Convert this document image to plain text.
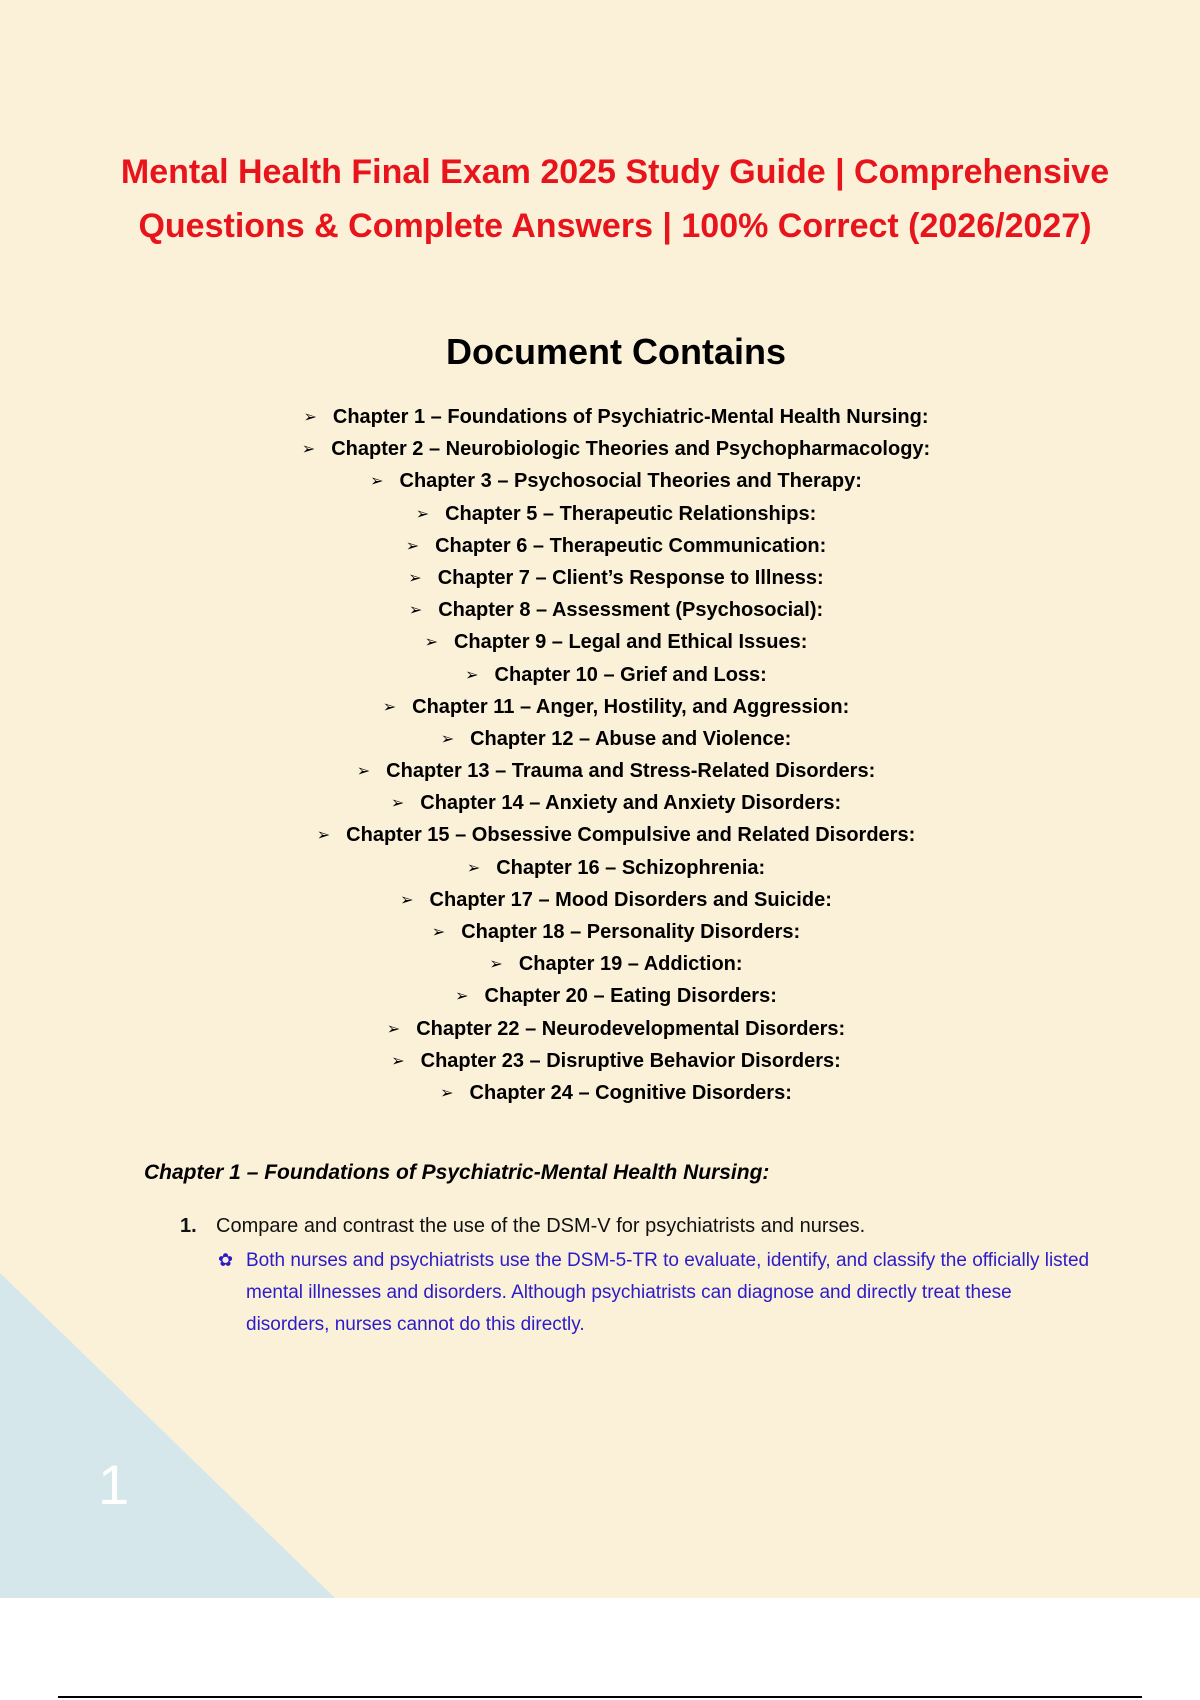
1
Mental Health Final Exam 2025 Study Guide | Comprehensive Questions & Complete Answers | 100% Correct (2026/2027)
Document Contains
➢ Chapter 1 – Foundations of Psychiatric-Mental Health Nursing:
➢ Chapter 2 – Neurobiologic Theories and Psychopharmacology:
➢ Chapter 3 – Psychosocial Theories and Therapy:
➢ Chapter 5 – Therapeutic Relationships:
➢ Chapter 6 – Therapeutic Communication:
➢ Chapter 7 – Client’s Response to Illness:
➢ Chapter 8 – Assessment (Psychosocial):
➢ Chapter 9 – Legal and Ethical Issues:
➢ Chapter 10 – Grief and Loss:
➢ Chapter 11 – Anger, Hostility, and Aggression:
➢ Chapter 12 – Abuse and Violence:
➢ Chapter 13 – Trauma and Stress-Related Disorders:
➢ Chapter 14 – Anxiety and Anxiety Disorders:
➢ Chapter 15 – Obsessive Compulsive and Related Disorders:
➢ Chapter 16 – Schizophrenia:
➢ Chapter 17 – Mood Disorders and Suicide:
➢ Chapter 18 – Personality Disorders:
➢ Chapter 19 – Addiction:
➢ Chapter 20 – Eating Disorders:
➢ Chapter 22 – Neurodevelopmental Disorders:
➢ Chapter 23 – Disruptive Behavior Disorders:
➢ Chapter 24 – Cognitive Disorders:
Chapter 1 – Foundations of Psychiatric-Mental Health Nursing:
1. Compare and contrast the use of the DSM-V for psychiatrists and nurses.
✿ Both nurses and psychiatrists use the DSM-5-TR to evaluate, identify, and classify the officially listed mental illnesses and disorders. Although psychiatrists can diagnose and directly treat these disorders, nurses cannot do this directly.
